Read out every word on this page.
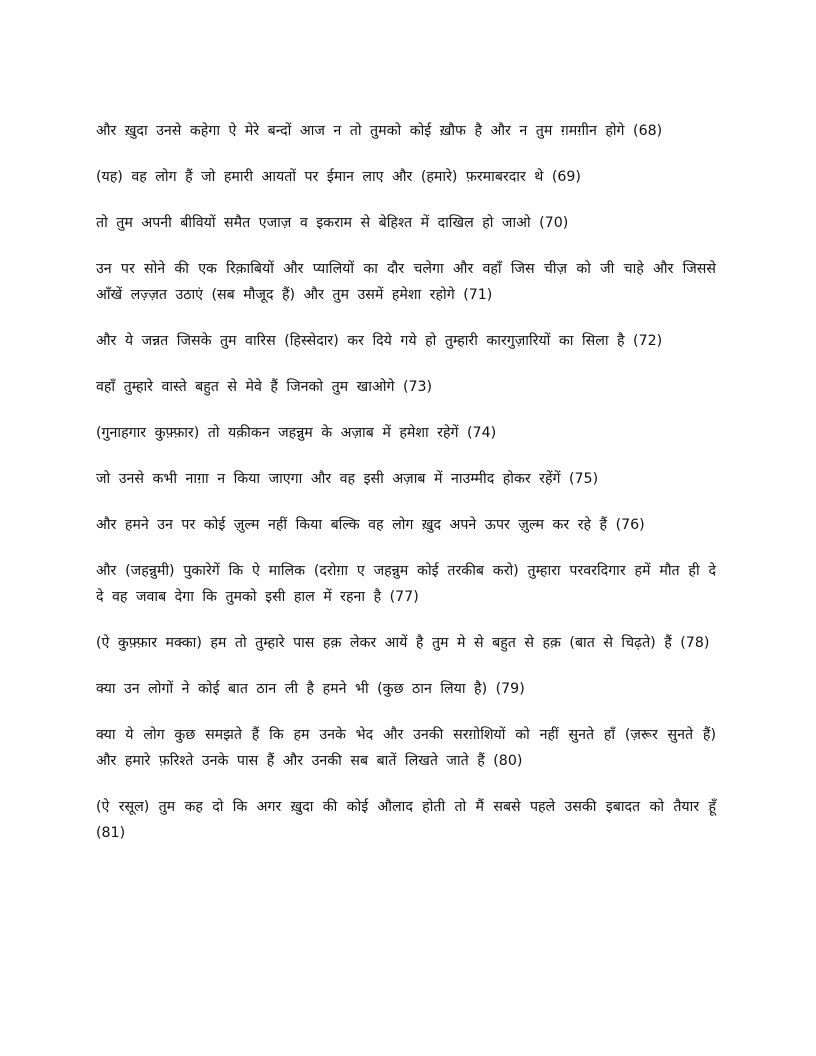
और ख़ुदा उनसे कहेगा ऐ मेरे बन्दों आज न तो तुमको कोई ख़ौफ है और न तुम ग़मग़ीन होगे (68)

(यह) वह लोग हैं जो हमारी आयतों पर ईमान लाए और (हमारे) फ़रमाबरदार थे (69)

तो तुम अपनी बीवियों समैत एजाज़ व इकराम से बेहिश्त में दाखिल हो जाओ (70)

उन पर सोने की एक रिक़ाबियों और प्यालियों का दौर चलेगा और वहाँ जिस चीज़ को जी चाहे और जिससे आँखें लज़्ज़त उठाएं (सब मौजूद हैं) और तुम उसमें हमेशा रहोगे (71)

और ये जन्नत जिसके तुम वारिस (हिस्सेदार) कर दिये गये हो तुम्हारी कारगुज़ारियों का सिला है (72)

वहाँ तुम्हारे वास्ते बहुत से मेवे हैं जिनको तुम खाओगे (73)

(गुनाहगार कुफ़्फ़ार) तो यक़ीकन जहन्नुम के अज़ाब में हमेशा रहेगें (74)

जो उनसे कभी नाग़ा न किया जाएगा और वह इसी अज़ाब में नाउम्मीद होकर रहेंगें (75)

और हमने उन पर कोई ज़ुल्म नहीं किया बल्कि वह लोग ख़ुद अपने ऊपर ज़ुल्म कर रहे हैं (76)

और (जहन्नुमी) पुकारेगें कि ऐ मालिक (दरोग़ा ए जहन्नुम कोई तरकीब करो) तुम्हारा परवरदिगार हमें मौत ही दे दे वह जवाब देगा कि तुमको इसी हाल में रहना है (77)

(ऐ कुफ़्फ़ार मक्का) हम तो तुम्हारे पास हक़ लेकर आयें है तुम मे से बहुत से हक़ (बात से चिढ़ते) हैं (78)

क्या उन लोगों ने कोई बात ठान ली है हमने भी (कुछ ठान लिया है) (79)

क्या ये लोग कुछ समझते हैं कि हम उनके भेद और उनकी सरग़ोशियों को नहीं सुनते हाँ (ज़रूर सुनते हैं) और हमारे फ़रिश्ते उनके पास हैं और उनकी सब बातें लिखते जाते हैं (80)

(ऐ रसूल) तुम कह दो कि अगर ख़ुदा की कोई औलाद होती तो मैं सबसे पहले उसकी इबादत को तैयार हूँ (81)
